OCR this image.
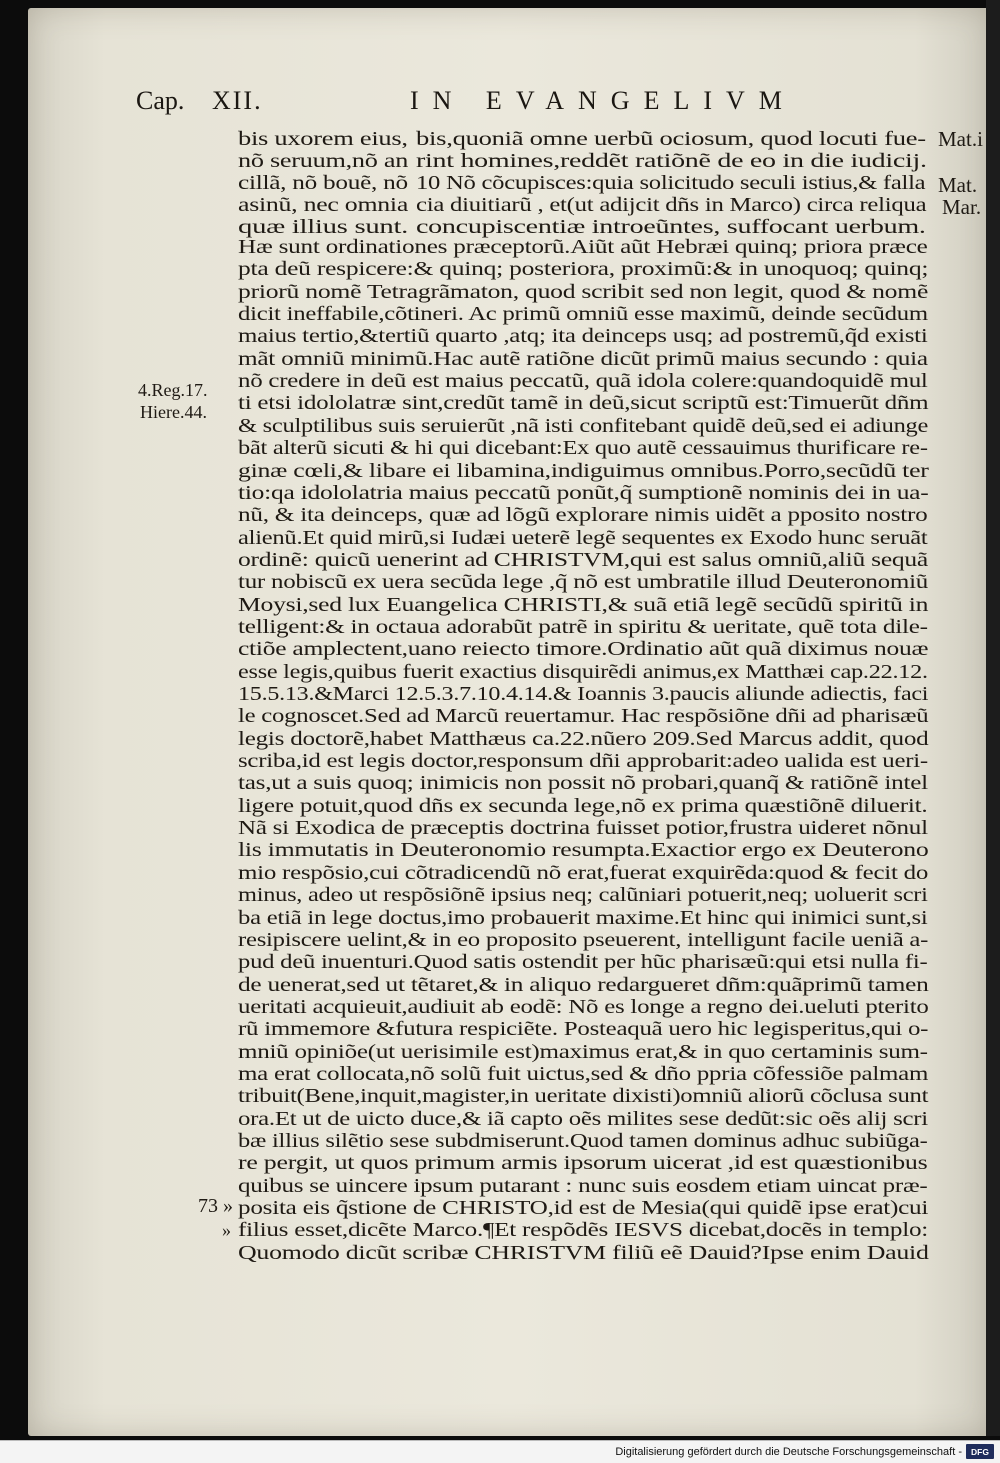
Cap. XII.	IN EVANGELIVM

bis uxorem eius,

nõ seruum,nõ an

cillã, nõ bouẽ, nõ

asinũ, nec omnia

quæ illius sunt.

bis,quoniã omne uerbũ ociosum, quod locuti fue-

rint homines,reddẽt ratiõnẽ de eo in die iudicij.

10 Nõ cõcupisces:quia solicitudo seculi istius,& falla

cia diuitiarũ , et(ut adijcit dñs in Marco) circa reliqua

concupiscentiæ introeũntes, suffocant uerbum.

Hæ sunt ordinationes præceptorũ.Aiũt aũt Hebræi quinq; priora præce

pta deũ respicere:& quinq; posteriora, proximũ:& in unoquoq; quinq;

priorũ nomẽ Tetragrãmaton, quod scribit sed non legit, quod & nomẽ

dicit ineffabile,cõtineri. Ac primũ omniũ esse maximũ, deinde secũdum

maius tertio,&tertiũ quarto ,atq; ita deinceps usq; ad postremũ,q̃d existi

mãt omniũ minimũ.Hac autẽ ratiõne dicũt primũ maius secundo : quia

nõ credere in deũ est maius peccatũ, quã idola colere:quandoquidẽ mul

ti etsi idololatræ sint,credũt tamẽ in deũ,sicut scriptũ est:Timuerũt dñm

& sculptilibus suis seruierũt ,nã isti confitebant quidẽ deũ,sed ei adiunge

bãt alterũ sicuti & hi qui dicebant:Ex quo autẽ cessauimus thurificare re-

ginæ cœli,& libare ei libamina,indiguimus omnibus.Porro,secũdũ ter

tio:qa idololatria maius peccatũ ponũt,q̃ sumptionẽ nominis dei in ua-

nũ, & ita deinceps, quæ ad lõgũ explorare nimis uidẽt a pposito nostro

alienũ.Et quid mirũ,si Iudæi ueterẽ legẽ sequentes ex Exodo hunc seruãt

ordinẽ: quicũ uenerint ad CHRISTVM,qui est salus omniũ,aliũ sequã

tur nobiscũ ex uera secũda lege ,q̃ nõ est umbratile illud Deuteronomiũ

Moysi,sed lux Euangelica CHRISTI,& suã etiã legẽ secũdũ spiritũ in

telligent:& in octaua adorabũt patrẽ in spiritu & ueritate, quẽ tota dile-

ctiõe amplectent,uano reiecto timore.Ordinatio aũt quã diximus nouæ

esse legis,quibus fuerit exactius disquirẽdi animus,ex Matthæi cap.22.12.

15.5.13.&Marci 12.5.3.7.10.4.14.& Ioannis 3.paucis aliunde adiectis, faci

le cognoscet.Sed ad Marcũ reuertamur. Hac respõsiõne dñi ad pharisæũ

legis doctorẽ,habet Matthæus ca.22.nũero 209.Sed Marcus addit, quod

scriba,id est legis doctor,responsum dñi approbarit:adeo ualida est ueri-

tas,ut a suis quoq; inimicis non possit nõ probari,quanq̃ & ratiõnẽ intel

ligere potuit,quod dñs ex secunda lege,nõ ex prima quæstiõnẽ diluerit.

Nã si Exodica de præceptis doctrina fuisset potior,frustra uideret nõnul

lis immutatis in Deuteronomio resumpta.Exactior ergo ex Deuterono

mio respõsio,cui cõtradicendũ nõ erat,fuerat exquirẽda:quod & fecit do

minus, adeo ut respõsiõnẽ ipsius neq; calũniari potuerit,neq; uoluerit scri

ba etiã in lege doctus,imo probauerit maxime.Et hinc qui inimici sunt,si

resipiscere uelint,& in eo proposito pseuerent, intelligunt facile ueniã a-

pud deũ inuenturi.Quod satis ostendit per hũc pharisæũ:qui etsi nulla fi-

de uenerat,sed ut tẽtaret,& in aliquo redargueret dñm:quãprimũ tamen

ueritati acquieuit,audiuit ab eodẽ: Nõ es longe a regno dei.ueluti pterito

rũ immemore &futura respiciẽte. Posteaquã uero hic legisperitus,qui o-

mniũ opiniõe(ut uerisimile est)maximus erat,& in quo certaminis sum-

ma erat collocata,nõ solũ fuit uictus,sed & dño ppria cõfessiõe palmam

tribuit(Bene,inquit,magister,in ueritate dixisti)omniũ aliorũ cõclusa sunt

ora.Et ut de uicto duce,& iã capto oẽs milites sese dedũt:sic oẽs alij scri

bæ illius silẽtio sese subdmiserunt.Quod tamen dominus adhuc subiũga-

re pergit, ut quos primum armis ipsorum uicerat ,id est quæstionibus

quibus se uincere ipsum putarant : nunc suis eosdem etiam uincat præ-

posita eis q̃stione de CHRISTO,id est de Mesia(qui quidẽ ipse erat)cui

filius esset,dicẽte Marco.¶Et respõdẽs IESVS dicebat,docẽs in templo:

Quomodo dicũt scribæ CHRISTVM filiũ eẽ Dauid?Ipse enim Dauid

Mat.i
Mat.
Mar.
4.Reg.17.
Hiere.44.
73 »
»
Digitalisierung gefördert durch die Deutsche Forschungsgemeinschaft -	DFG
